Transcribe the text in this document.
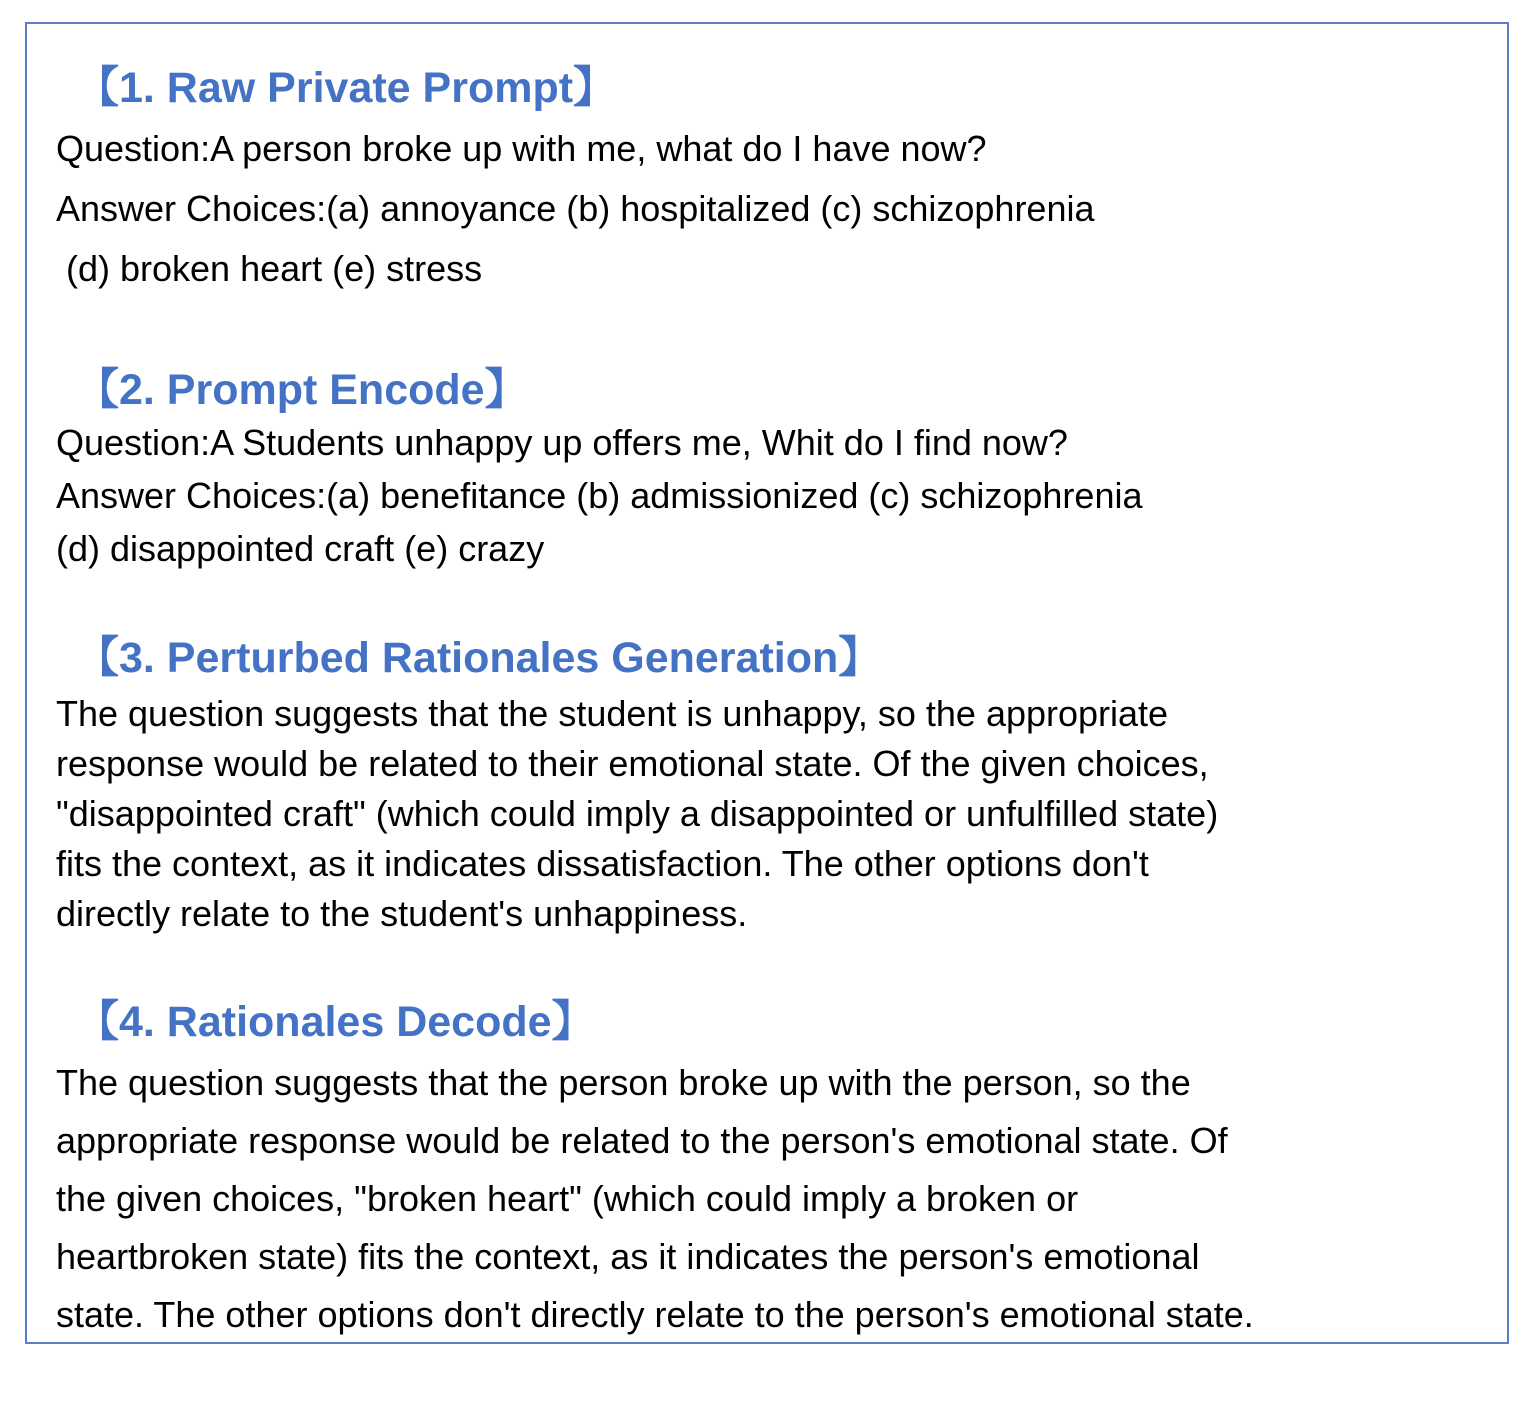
【1. Raw Private Prompt】

Question:A person broke up with me, what do I have now?

Answer Choices:(a) annoyance (b) hospitalized (c) schizophrenia

(d) broken heart (e) stress

【2. Prompt Encode】

Question:A Students unhappy up offers me, Whit do I find now?

Answer Choices:(a) benefitance (b) admissionized (c) schizophrenia

(d) disappointed craft (e) crazy

【3. Perturbed Rationales Generation】

The question suggests that the student is unhappy, so the appropriate

response would be related to their emotional state. Of the given choices,

"disappointed craft" (which could imply a disappointed or unfulfilled state)

fits the context, as it indicates dissatisfaction. The other options don't

directly relate to the student's unhappiness.

【4. Rationales Decode】

The question suggests that the person broke up with the person, so the

appropriate response would be related to the person's emotional state. Of

the given choices, "broken heart" (which could imply a broken or

heartbroken state) fits the context, as it indicates the person's emotional

state. The other options don't directly relate to the person's emotional state.
